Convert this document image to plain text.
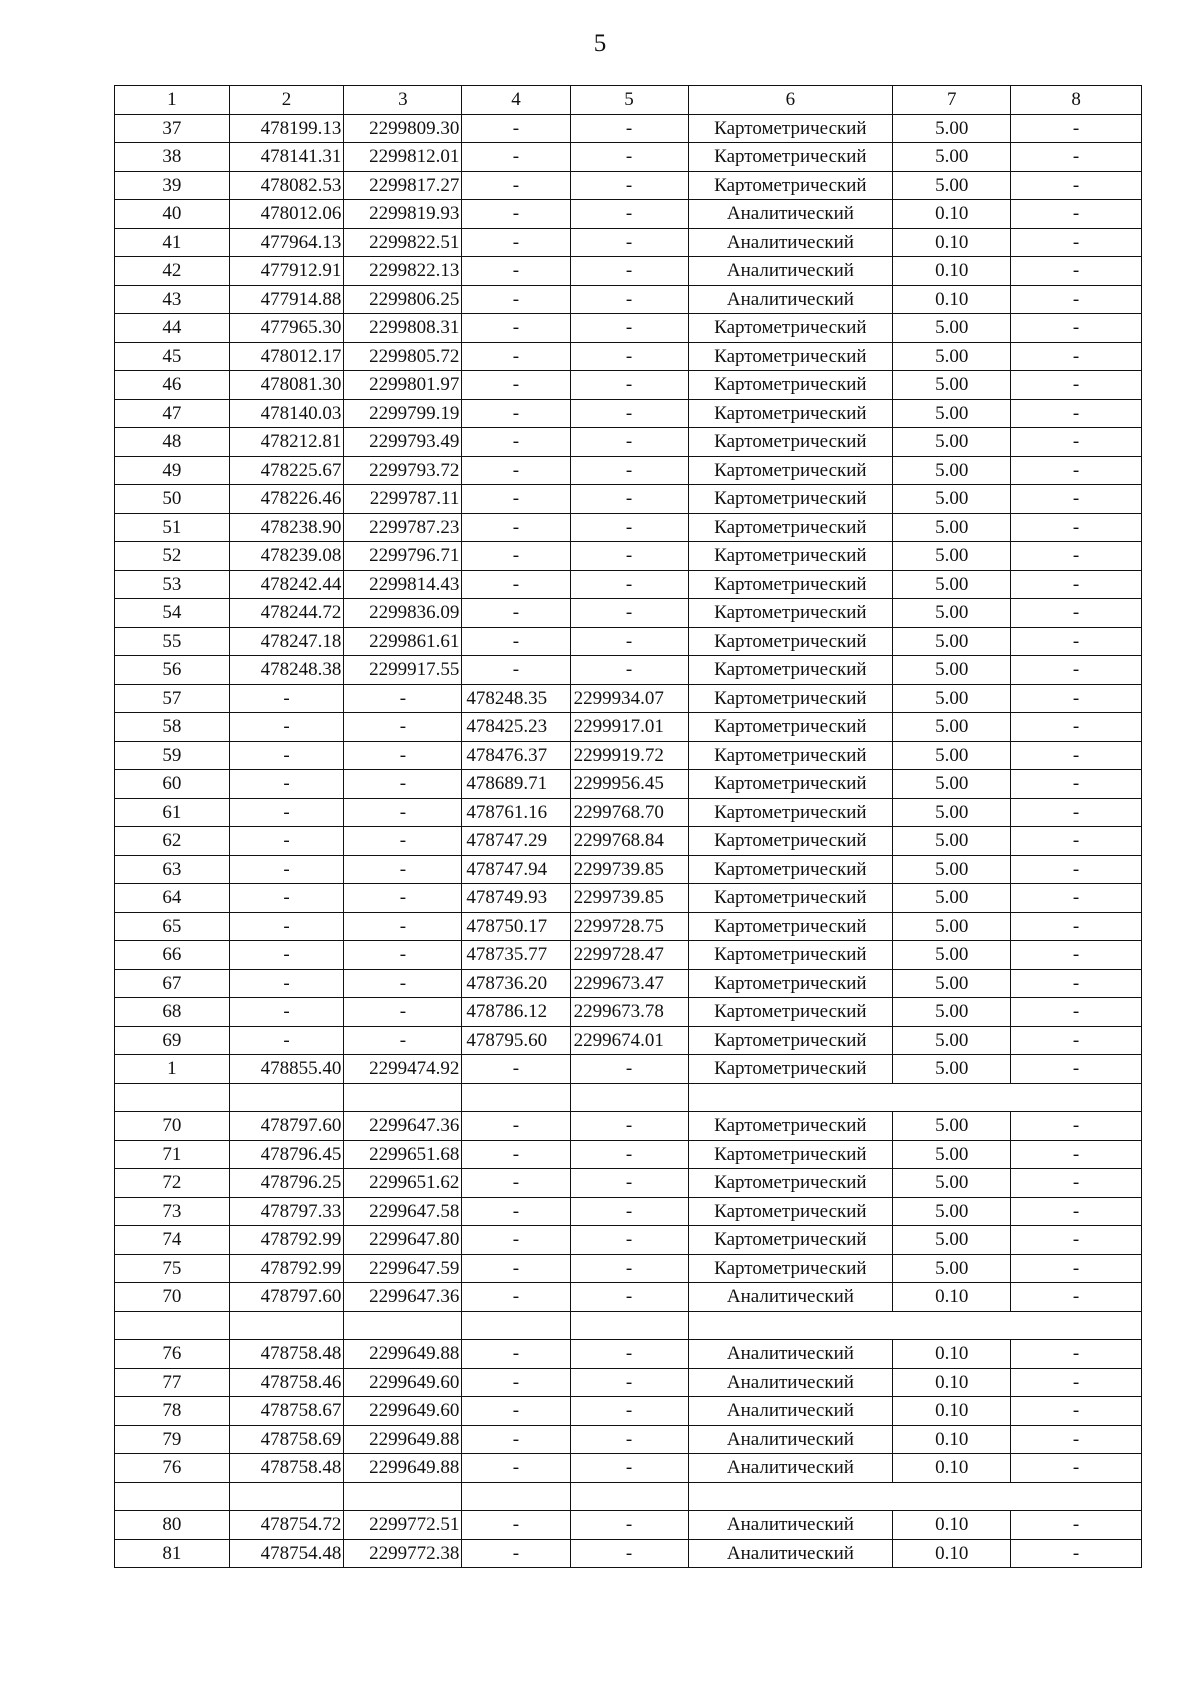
5
1	2	3	4	5	6	7	8
37	478199.13	2299809.30	-	-	Картометрический	5.00	-
38	478141.31	2299812.01	-	-	Картометрический	5.00	-
39	478082.53	2299817.27	-	-	Картометрический	5.00	-
40	478012.06	2299819.93	-	-	Аналитический	0.10	-
41	477964.13	2299822.51	-	-	Аналитический	0.10	-
42	477912.91	2299822.13	-	-	Аналитический	0.10	-
43	477914.88	2299806.25	-	-	Аналитический	0.10	-
44	477965.30	2299808.31	-	-	Картометрический	5.00	-
45	478012.17	2299805.72	-	-	Картометрический	5.00	-
46	478081.30	2299801.97	-	-	Картометрический	5.00	-
47	478140.03	2299799.19	-	-	Картометрический	5.00	-
48	478212.81	2299793.49	-	-	Картометрический	5.00	-
49	478225.67	2299793.72	-	-	Картометрический	5.00	-
50	478226.46	2299787.11	-	-	Картометрический	5.00	-
51	478238.90	2299787.23	-	-	Картометрический	5.00	-
52	478239.08	2299796.71	-	-	Картометрический	5.00	-
53	478242.44	2299814.43	-	-	Картометрический	5.00	-
54	478244.72	2299836.09	-	-	Картометрический	5.00	-
55	478247.18	2299861.61	-	-	Картометрический	5.00	-
56	478248.38	2299917.55	-	-	Картометрический	5.00	-
57	-	-	478248.35	2299934.07	Картометрический	5.00	-
58	-	-	478425.23	2299917.01	Картометрический	5.00	-
59	-	-	478476.37	2299919.72	Картометрический	5.00	-
60	-	-	478689.71	2299956.45	Картометрический	5.00	-
61	-	-	478761.16	2299768.70	Картометрический	5.00	-
62	-	-	478747.29	2299768.84	Картометрический	5.00	-
63	-	-	478747.94	2299739.85	Картометрический	5.00	-
64	-	-	478749.93	2299739.85	Картометрический	5.00	-
65	-	-	478750.17	2299728.75	Картометрический	5.00	-
66	-	-	478735.77	2299728.47	Картометрический	5.00	-
67	-	-	478736.20	2299673.47	Картометрический	5.00	-
68	-	-	478786.12	2299673.78	Картометрический	5.00	-
69	-	-	478795.60	2299674.01	Картометрический	5.00	-
1	478855.40	2299474.92	-	-	Картометрический	5.00	-

70	478797.60	2299647.36	-	-	Картометрический	5.00	-
71	478796.45	2299651.68	-	-	Картометрический	5.00	-
72	478796.25	2299651.62	-	-	Картометрический	5.00	-
73	478797.33	2299647.58	-	-	Картометрический	5.00	-
74	478792.99	2299647.80	-	-	Картометрический	5.00	-
75	478792.99	2299647.59	-	-	Картометрический	5.00	-
70	478797.60	2299647.36	-	-	Аналитический	0.10	-

76	478758.48	2299649.88	-	-	Аналитический	0.10	-
77	478758.46	2299649.60	-	-	Аналитический	0.10	-
78	478758.67	2299649.60	-	-	Аналитический	0.10	-
79	478758.69	2299649.88	-	-	Аналитический	0.10	-
76	478758.48	2299649.88	-	-	Аналитический	0.10	-

80	478754.72	2299772.51	-	-	Аналитический	0.10	-
81	478754.48	2299772.38	-	-	Аналитический	0.10	-
